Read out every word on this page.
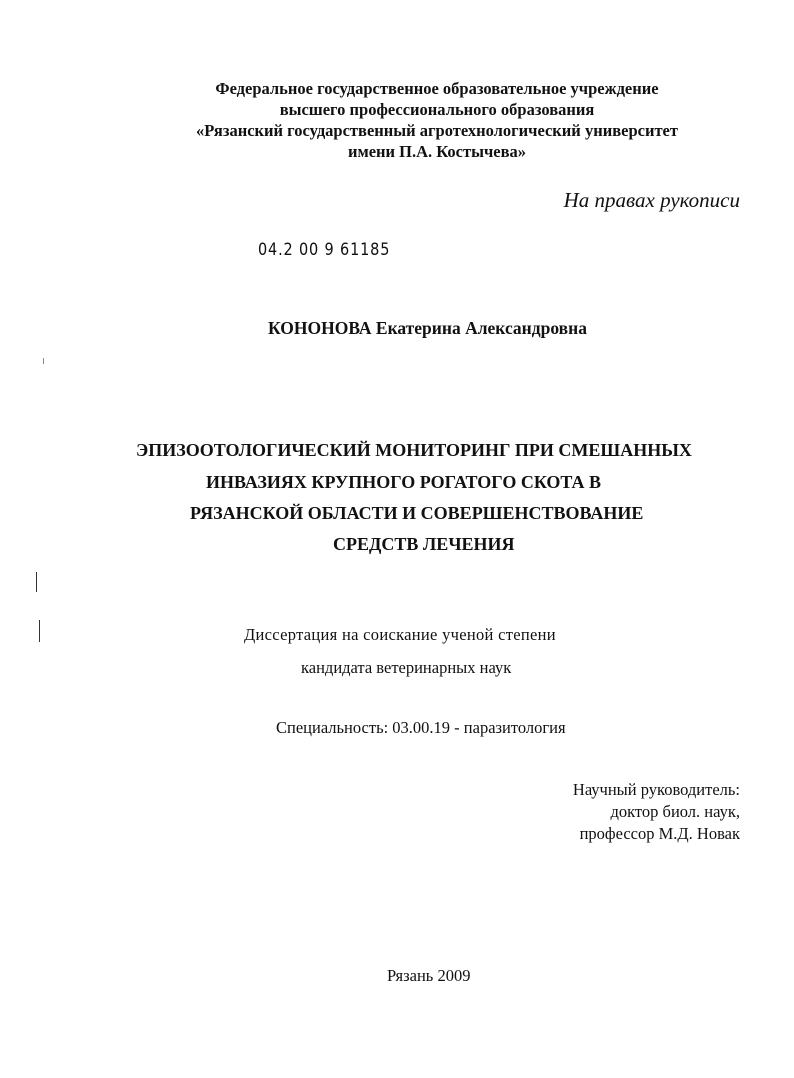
Федеральное государственное образовательное учреждение
высшего профессионального образования
«Рязанский государственный агротехнологический университет
имени П.А. Костычева»
На правах рукописи
04.2 00 9 61185
КОНОНОВА Екатерина Александровна
ЭПИЗООТОЛОГИЧЕСКИЙ МОНИТОРИНГ ПРИ СМЕШАННЫХ
ИНВАЗИЯХ КРУПНОГО РОГАТОГО СКОТА В
РЯЗАНСКОЙ ОБЛАСТИ И СОВЕРШЕНСТВОВАНИЕ
СРЕДСТВ ЛЕЧЕНИЯ
Диссертация на соискание ученой степени
кандидата ветеринарных наук
Специальность: 03.00.19 - паразитология
Научный руководитель:
доктор биол. наук,
профессор М.Д. Новак
Рязань 2009
